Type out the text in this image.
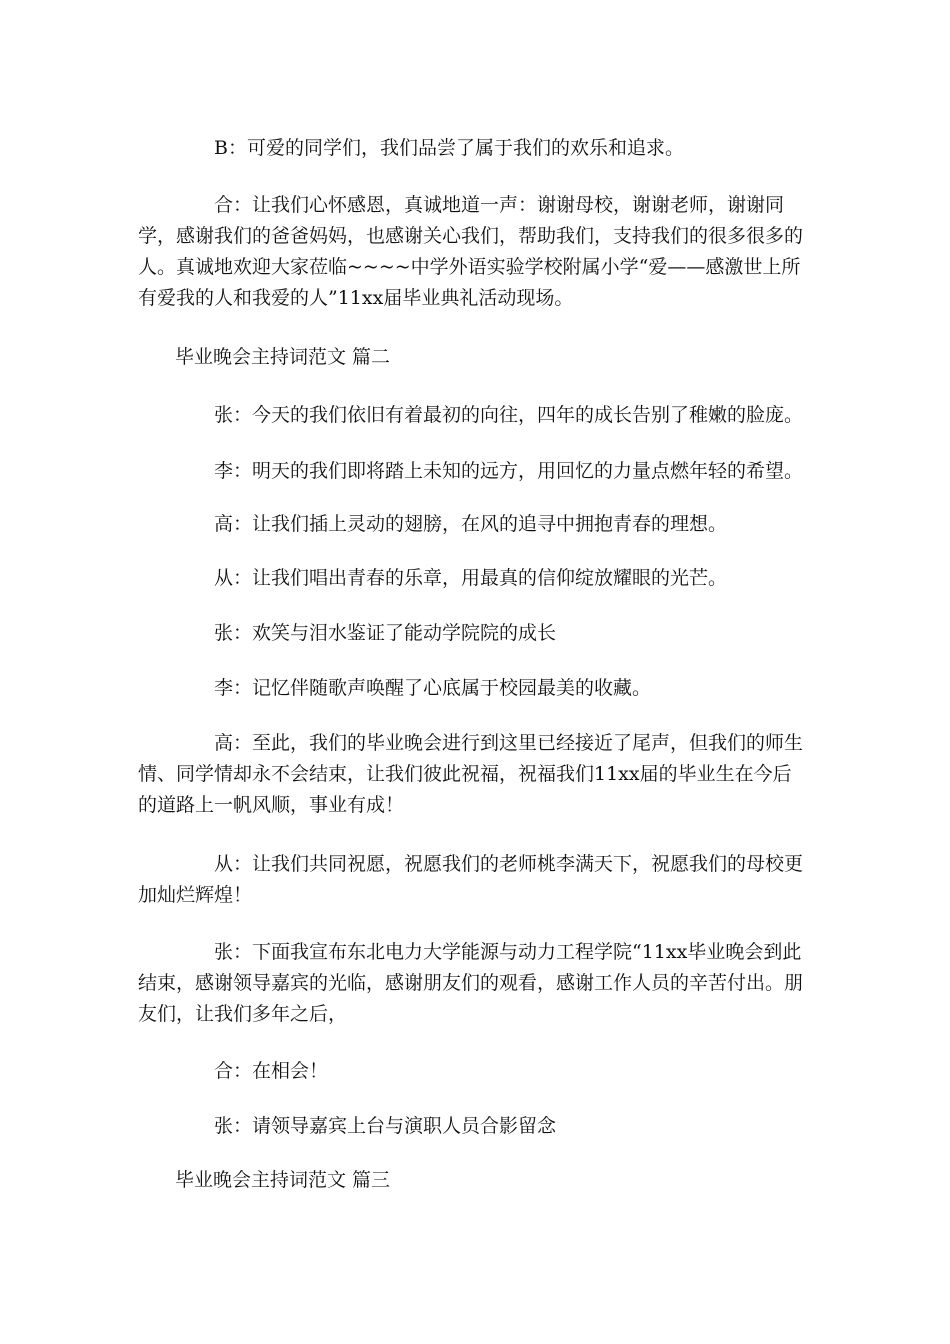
B：可爱的同学们，我们品尝了属于我们的欢乐和追求。

合：让我们心怀感恩，真诚地道一声：谢谢母校，谢谢老师，谢谢同学，感谢我们的爸爸妈妈，也感谢关心我们，帮助我们，支持我们的很多很多的人。真诚地欢迎大家莅临~~~~中学外语实验学校附属小学“爱——感激世上所有爱我的人和我爱的人”11xx届毕业典礼活动现场。

毕业晚会主持词范文 篇二

张：今天的我们依旧有着最初的向往，四年的成长告别了稚嫩的脸庞。

李：明天的我们即将踏上未知的远方，用回忆的力量点燃年轻的希望。

高：让我们插上灵动的翅膀，在风的追寻中拥抱青春的理想。

从：让我们唱出青春的乐章，用最真的信仰绽放耀眼的光芒。

张：欢笑与泪水鉴证了能动学院院的成长

李：记忆伴随歌声唤醒了心底属于校园最美的收藏。

高：至此，我们的毕业晚会进行到这里已经接近了尾声，但我们的师生情、同学情却永不会结束，让我们彼此祝福，祝福我们11xx届的毕业生在今后的道路上一帆风顺，事业有成！

从：让我们共同祝愿，祝愿我们的老师桃李满天下，祝愿我们的母校更加灿烂辉煌！

张：下面我宣布东北电力大学能源与动力工程学院“11xx毕业晚会到此结束，感谢领导嘉宾的光临，感谢朋友们的观看，感谢工作人员的辛苦付出。朋友们，让我们多年之后，

合：在相会！

张：请领导嘉宾上台与演职人员合影留念

毕业晚会主持词范文 篇三
